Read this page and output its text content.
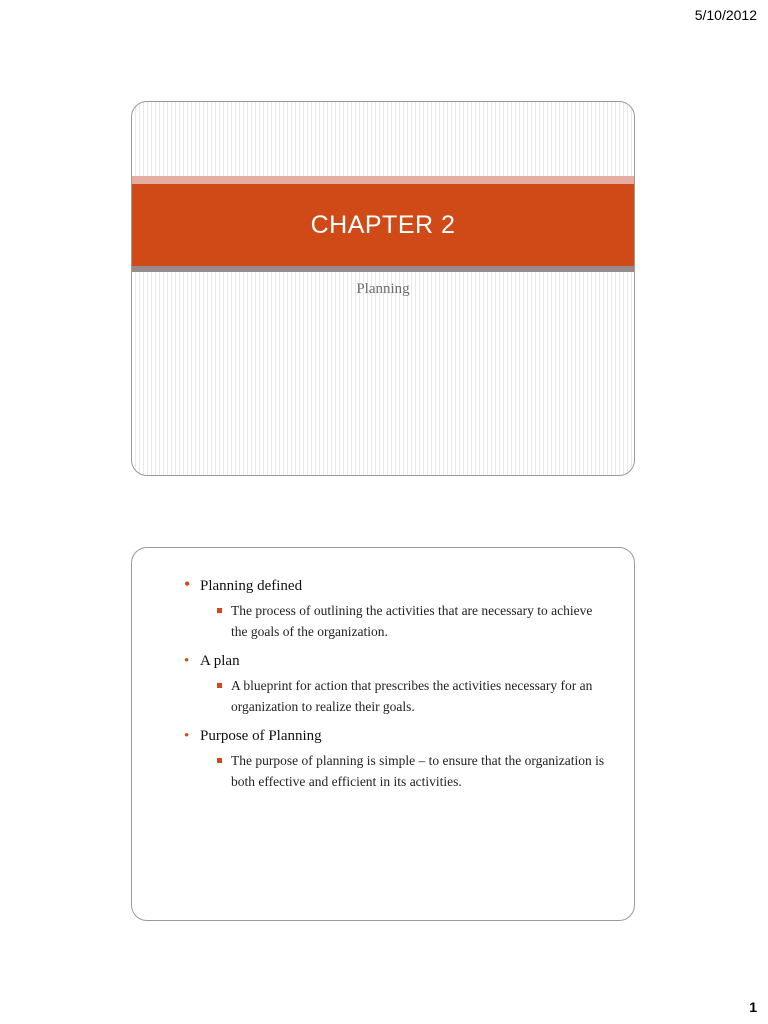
5/10/2012
CHAPTER 2
Planning
• Planning defined
The process of outlining the activities that are necessary to achieve the goals of the organization.
• A plan
A blueprint for action that prescribes the activities necessary for an organization to realize their goals.
• Purpose of Planning
The purpose of planning is simple – to ensure that the organization is both effective and efficient in its activities.
1
